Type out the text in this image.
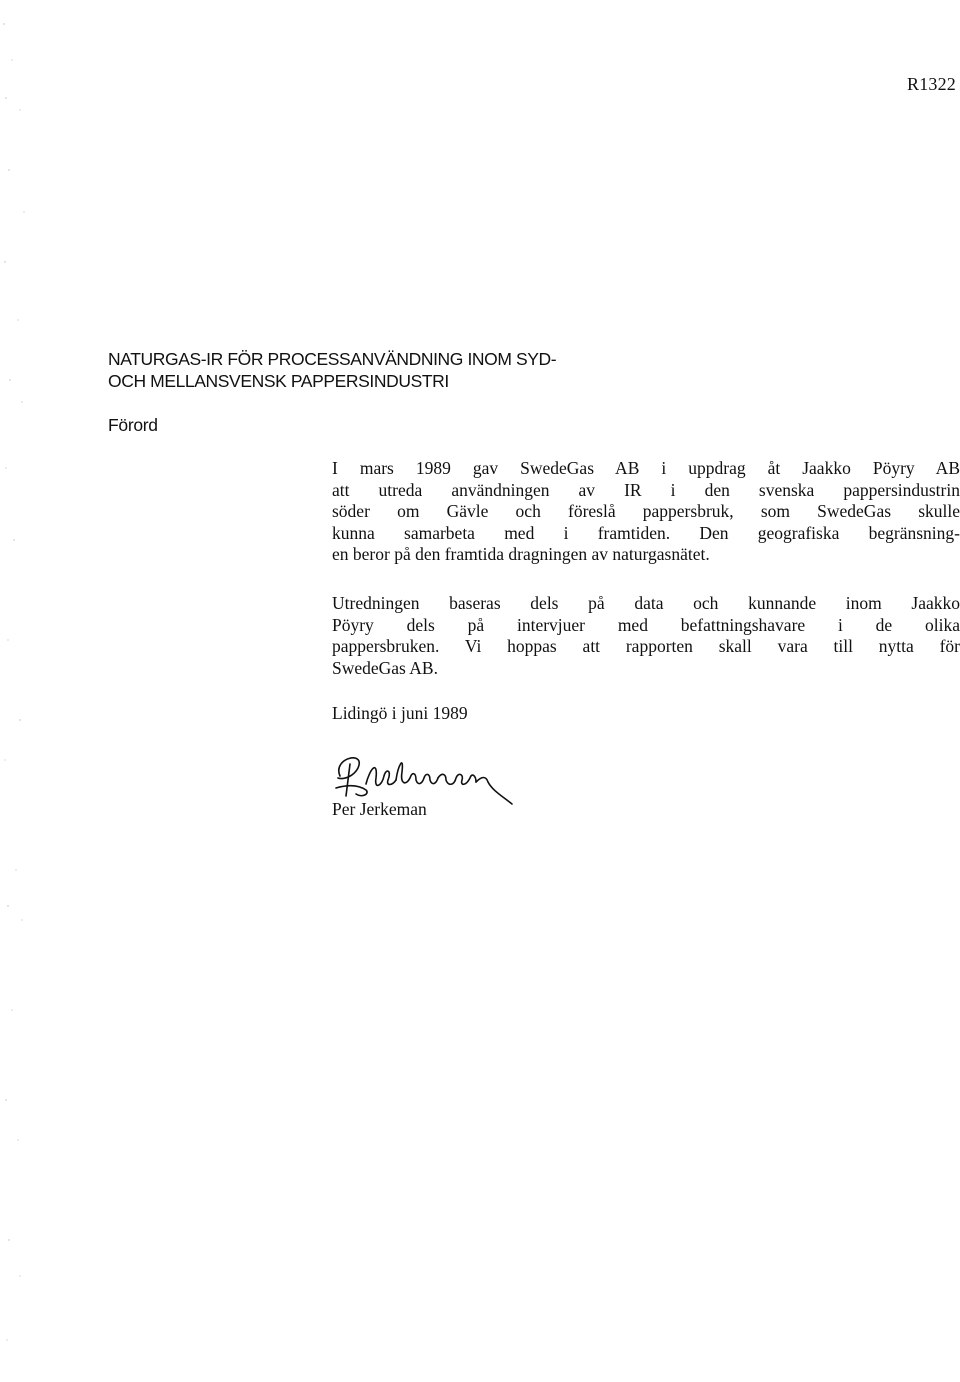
R1322
NATURGAS-IR FÖR PROCESSANVÄNDNING INOM SYD-
OCH MELLANSVENSK PAPPERSINDUSTRI
Förord
I mars 1989 gav SwedeGas AB i uppdrag åt Jaakko Pöyry AB
att utreda användningen av IR i den svenska pappersindustrin
söder om Gävle och föreslå pappersbruk, som SwedeGas skulle
kunna samarbeta med i framtiden. Den geografiska begränsning-
en beror på den framtida dragningen av naturgasnätet.
Utredningen baseras dels på data och kunnande inom Jaakko
Pöyry dels på intervjuer med befattningshavare i de olika
pappersbruken. Vi hoppas att rapporten skall vara till nytta för
SwedeGas AB.
Lidingö i juni 1989
Per Jerkeman
